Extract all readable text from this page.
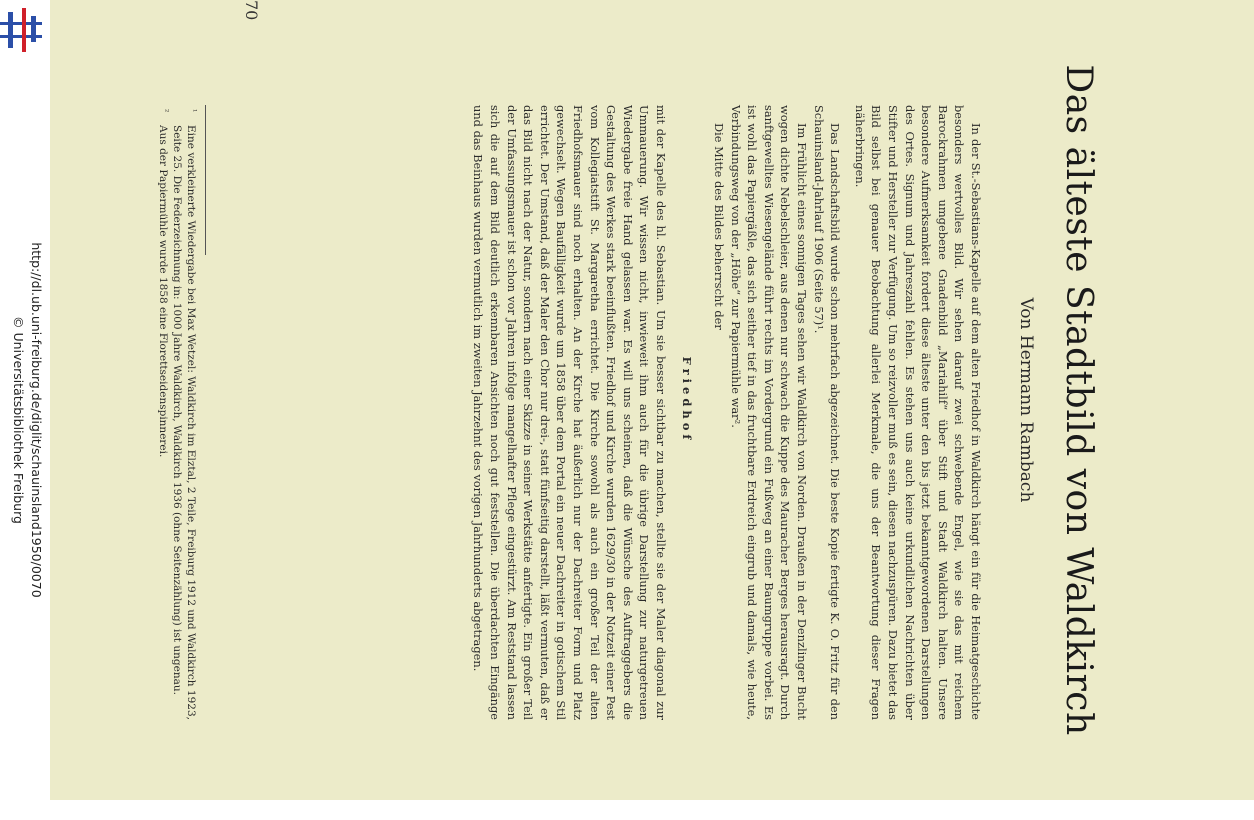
http://dl.ub.uni-freiburg.de/diglit/schauinsland1950/0070
© Universitätsbibliothek Freiburg	Das älteste Stadtbild von Waldkirch
Von Hermann Rambach

In der St.-Sebastians-Kapelle auf dem alten Friedhof in Waldkirch hängt ein für die Heimatgeschichte besonders wertvolles Bild. Wir sehen darauf zwei schwebende Engel, wie sie das mit reichem Barockrahmen umgebene Gnadenbild „Mariahilf“ über Stift und Stadt Waldkirch halten. Unsere besondere Aufmerksamkeit fordert diese älteste unter den bis jetzt bekanntgewordenen Darstellungen des Ortes. Signum und Jahreszahl fehlen. Es stehen uns auch keine urkundlichen Nachrichten über Stifter und Hersteller zur Verfügung. Um so reizvoller muß es sein, diesen nachzuspüren. Dazu bietet das Bild selbst bei genauer Beobachtung allerlei Merkmale, die uns der Beantwortung dieser Fragen näherbringen.

Das Landschaftsbild wurde schon mehrfach abgezeichnet. Die beste Kopie fertigte K. O. Fritz für den Schauinsland-Jahrlauf 1906 (Seite 57)¹.

Im Frühlicht eines sonnigen Tages sehen wir Waldkirch von Norden. Draußen in der Denzlinger Bucht wogen dichte Nebelschleier, aus denen nur schwach die Kuppe des Mauracher Berges herausragt. Durch sanftgewelltes Wiesengelände führt rechts im Vordergrund ein Fußweg an einer Baumgruppe vorbei. Es ist wohl das Papiergäßle, das sich seither tief in das fruchtbare Erdreich eingrub und damals, wie heute, Verbindungsweg von der „Höhe“ zur Papiermühle war².

Die Mitte des Bildes beherrscht der

Friedhof

mit der Kapelle des hl. Sebastian. Um sie besser sichtbar zu machen, stellte sie der Maler diagonal zur Ummauerung. Wir wissen nicht, inwieweit ihm auch für die übrige Darstellung zur naturgetreuen Wiedergabe freie Hand gelassen war. Es will uns scheinen, daß die Wünsche des Auftraggebers die Gestaltung des Werkes stark beeinflußten. Friedhof und Kirche wurden 1629/30 in der Notzeit einer Pest vom Kollegiatstift St. Margaretha errichtet. Die Kirche sowohl als auch ein großer Teil der alten Friedhofsmauer sind noch erhalten. An der Kirche hat äußerlich nur der Dachreiter Form und Platz gewechselt. Wegen Baufälligkeit wurde um 1858 über dem Portal ein neuer Dachreiter in gotischem Stil errichtet. Der Umstand, daß der Maler den Chor nur drei-, statt fünfseitig darstellt, läßt vermuten, daß er das Bild nicht nach der Natur, sondern nach einer Skizze in seiner Werkstätte anfertigte. Ein großer Teil der Umfassungsmauer ist schon vor Jahren infolge mangelhafter Pflege eingestürzt. Am Reststand lassen sich die auf dem Bild deutlich erkennbaren Ansichten noch gut feststellen. Die überdachten Eingänge und das Beinhaus wurden vermutlich im zweiten Jahrzehnt des vorigen Jahrhunderts abgetragen.

¹
Eine verkleinerte Wiedergabe bei Max Wetzel: Waldkirch im Elztal, 2 Teile, Freiburg 1912 und Waldkirch 1923, Seite 25. Die Federzeichnung in: 1000 Jahre Waldkirch, Waldkirch 1936 (ohne Seitenzählung) ist ungenau.
²
Aus der Papiermühle wurde 1858 eine Florettseidenspinnerei.
70
